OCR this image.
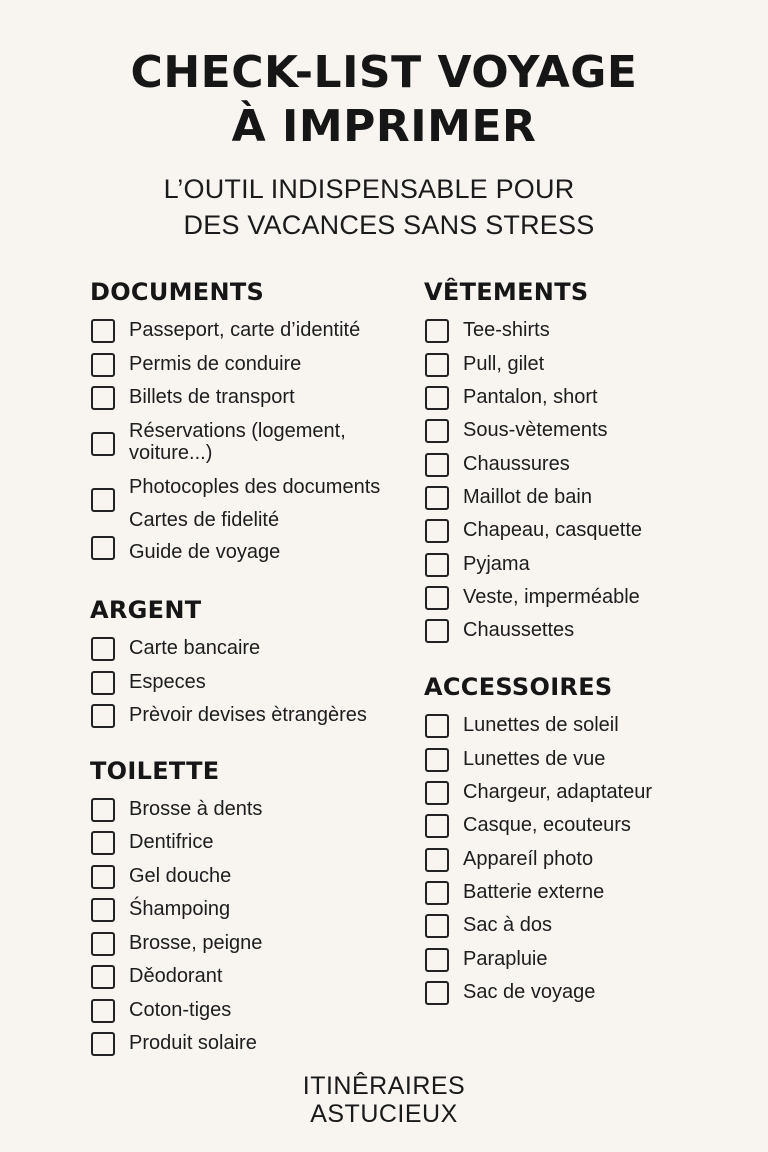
CHECK-LIST VOYAGE
À IMPRIMER
L’OUTIL INDISPENSABLE POUR
DES VACANCES SANS STRESS
DOCUMENTS
Passeport, carte d’identité
Permis de conduire
Billets de transport
Réservations (logement,
voiture...)
Photocoples des documents
Cartes de fidelité
Guide de voyage
ARGENT
Carte bancaire
Especes
Prèvoir devises ètrangères
TOILETTE
Brosse à dents
Dentifrice
Gel douche
Śhampoing
Brosse, peigne
Děodorant
Coton-tiges
Produit solaire
VÊTEMENTS
Tee-shirts
Pull, gilet
Pantalon, short
Sous-vètements
Chaussures
Maillot de bain
Chapeau, casquette
Pyjama
Veste, imperméable
Chaussettes
ACCESSOIRES
Lunettes de soleil
Lunettes de vue
Chargeur, adaptateur
Casque, ecouteurs
Appareíl photo
Batterie externe
Sac à dos
Parapluie
Sac de voyage
ITINÊRAIRES
ASTUCIEUX
